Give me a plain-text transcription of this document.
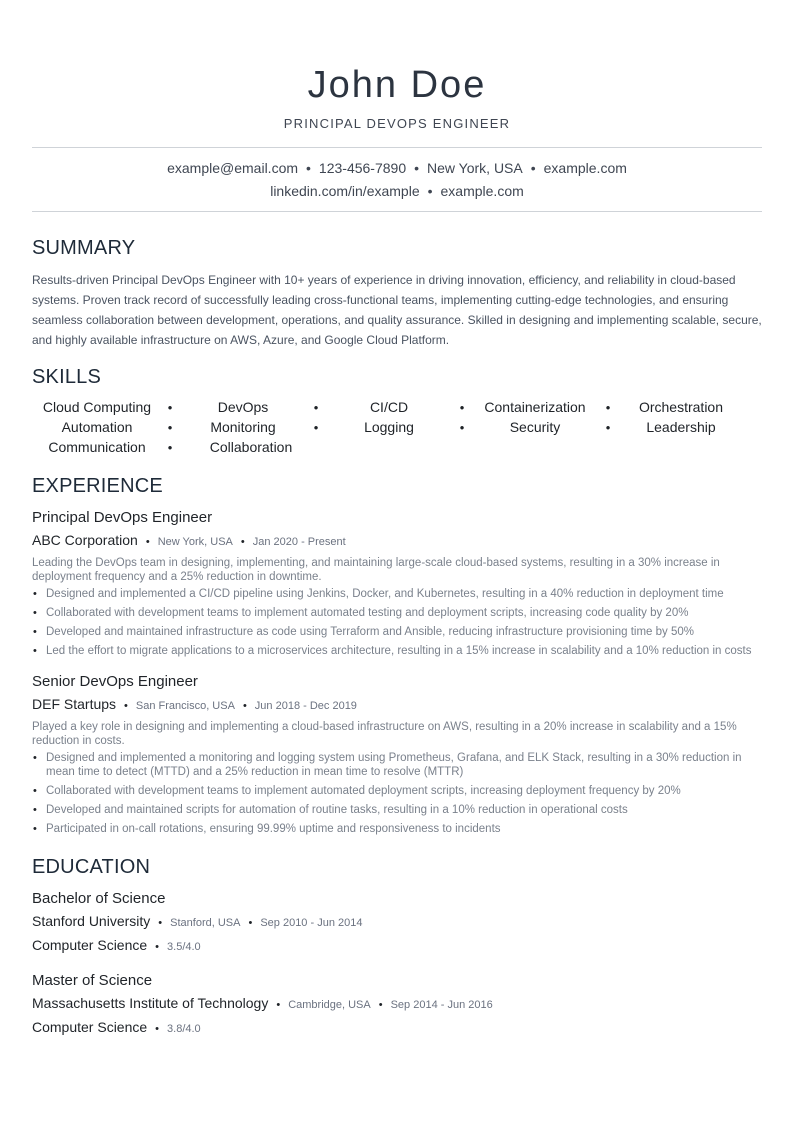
John Doe
PRINCIPAL DEVOPS ENGINEER
example@email.com • 123-456-7890 • New York, USA • example.com
linkedin.com/in/example • example.com
SUMMARY

Results-driven Principal DevOps Engineer with 10+ years of experience in driving innovation, efficiency, and reliability in cloud-based systems. Proven track record of successfully leading cross-functional teams, implementing cutting-edge technologies, and ensuring seamless collaboration between development, operations, and quality assurance. Skilled in designing and implementing scalable, secure, and highly available infrastructure on AWS, Azure, and Google Cloud Platform.

SKILLS
Cloud Computing	•	DevOps	•	CI/CD	•	Containerization	•	Orchestration
Automation	•	Monitoring	•	Logging	•	Security	•	Leadership
Communication	•	Collaboration
EXPERIENCE
Principal DevOps Engineer
ABC Corporation • New York, USA • Jan 2020 - Present

Leading the DevOps team in designing, implementing, and maintaining large-scale cloud-based systems, resulting in a 30% increase in deployment frequency and a 25% reduction in downtime.

• Designed and implemented a CI/CD pipeline using Jenkins, Docker, and Kubernetes, resulting in a 40% reduction in deployment time
• Collaborated with development teams to implement automated testing and deployment scripts, increasing code quality by 20%
• Developed and maintained infrastructure as code using Terraform and Ansible, reducing infrastructure provisioning time by 50%
• Led the effort to migrate applications to a microservices architecture, resulting in a 15% increase in scalability and a 10% reduction in costs
Senior DevOps Engineer
DEF Startups • San Francisco, USA • Jun 2018 - Dec 2019

Played a key role in designing and implementing a cloud-based infrastructure on AWS, resulting in a 20% increase in scalability and a 15% reduction in costs.

• Designed and implemented a monitoring and logging system using Prometheus, Grafana, and ELK Stack, resulting in a 30% reduction in mean time to detect (MTTD) and a 25% reduction in mean time to resolve (MTTR)
• Collaborated with development teams to implement automated deployment scripts, increasing deployment frequency by 20%
• Developed and maintained scripts for automation of routine tasks, resulting in a 10% reduction in operational costs
• Participated in on-call rotations, ensuring 99.99% uptime and responsiveness to incidents
EDUCATION
Bachelor of Science
Stanford University • Stanford, USA • Sep 2010 - Jun 2014
Computer Science • 3.5/4.0
Master of Science
Massachusetts Institute of Technology • Cambridge, USA • Sep 2014 - Jun 2016
Computer Science • 3.8/4.0
